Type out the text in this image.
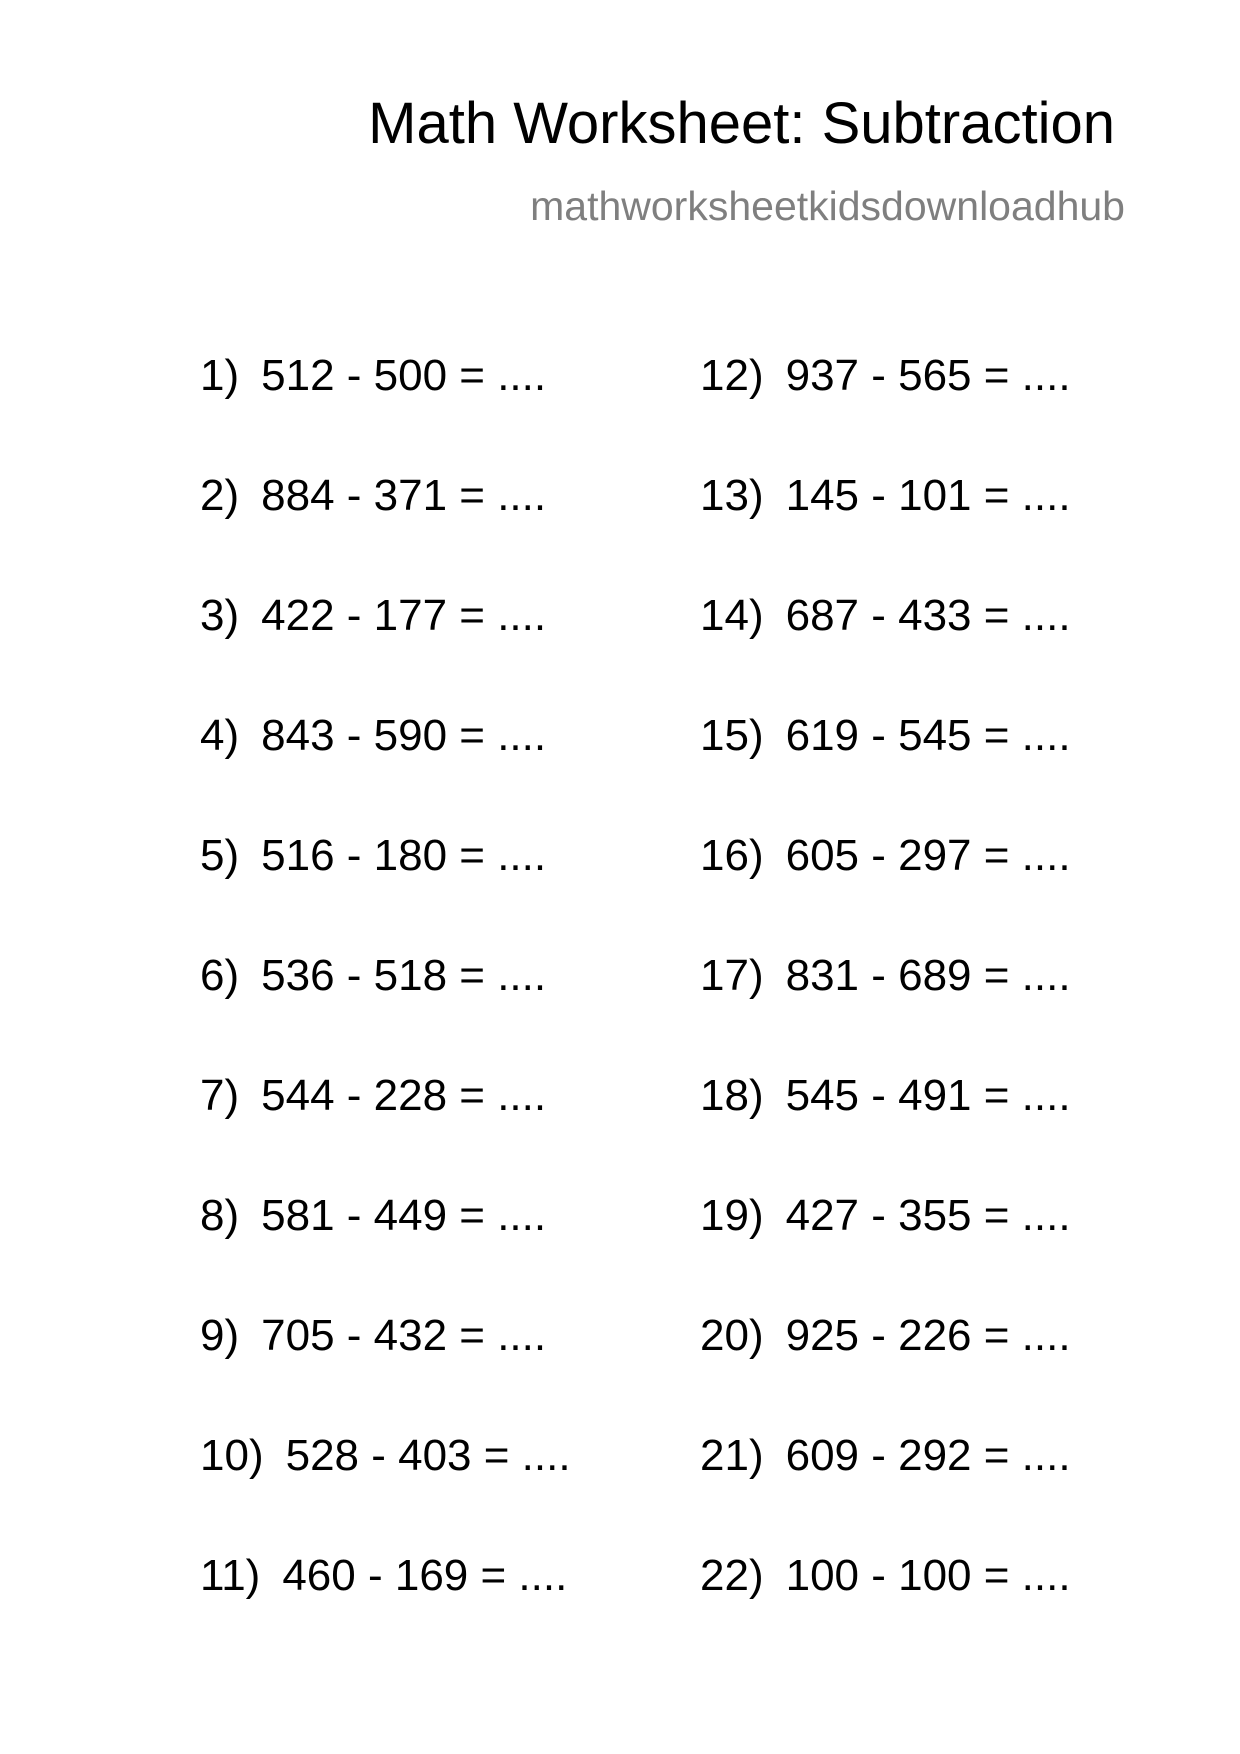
Math Worksheet: Subtraction
mathworksheetkidsdownloadhub
1) 512 - 500 = ....
2) 884 - 371 = ....
3) 422 - 177 = ....
4) 843 - 590 = ....
5) 516 - 180 = ....
6) 536 - 518 = ....
7) 544 - 228 = ....
8) 581 - 449 = ....
9) 705 - 432 = ....
10) 528 - 403 = ....
11) 460 - 169 = ....
12) 937 - 565 = ....
13) 145 - 101 = ....
14) 687 - 433 = ....
15) 619 - 545 = ....
16) 605 - 297 = ....
17) 831 - 689 = ....
18) 545 - 491 = ....
19) 427 - 355 = ....
20) 925 - 226 = ....
21) 609 - 292 = ....
22) 100 - 100 = ....
